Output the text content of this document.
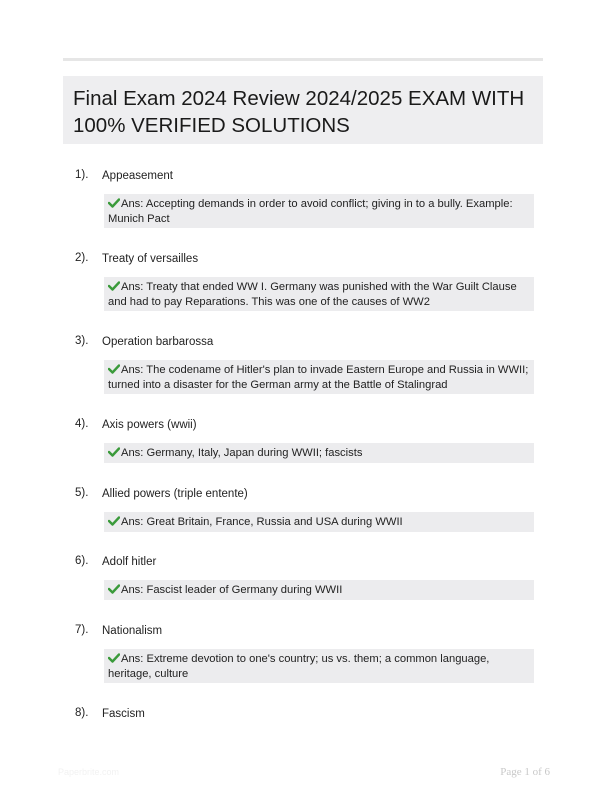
Final Exam 2024 Review 2024/2025 EXAM WITH 100% VERIFIED SOLUTIONS
1). Appeasement
Ans: Accepting demands in order to avoid conflict; giving in to a bully. Example: Munich Pact
2). Treaty of versailles
Ans: Treaty that ended WW I. Germany was punished with the War Guilt Clause and had to pay Reparations. This was one of the causes of WW2
3). Operation barbarossa
Ans: The codename of Hitler's plan to invade Eastern Europe and Russia in WWII; turned into a disaster for the German army at the Battle of Stalingrad
4). Axis powers (wwii)
Ans: Germany, Italy, Japan during WWII; fascists
5). Allied powers (triple entente)
Ans: Great Britain, France, Russia and USA during WWII
6). Adolf hitler
Ans: Fascist leader of Germany during WWII
7). Nationalism
Ans: Extreme devotion to one's country; us vs. them; a common language, heritage, culture
8). Fascism
Paperbrite.com	Page 1 of 6
